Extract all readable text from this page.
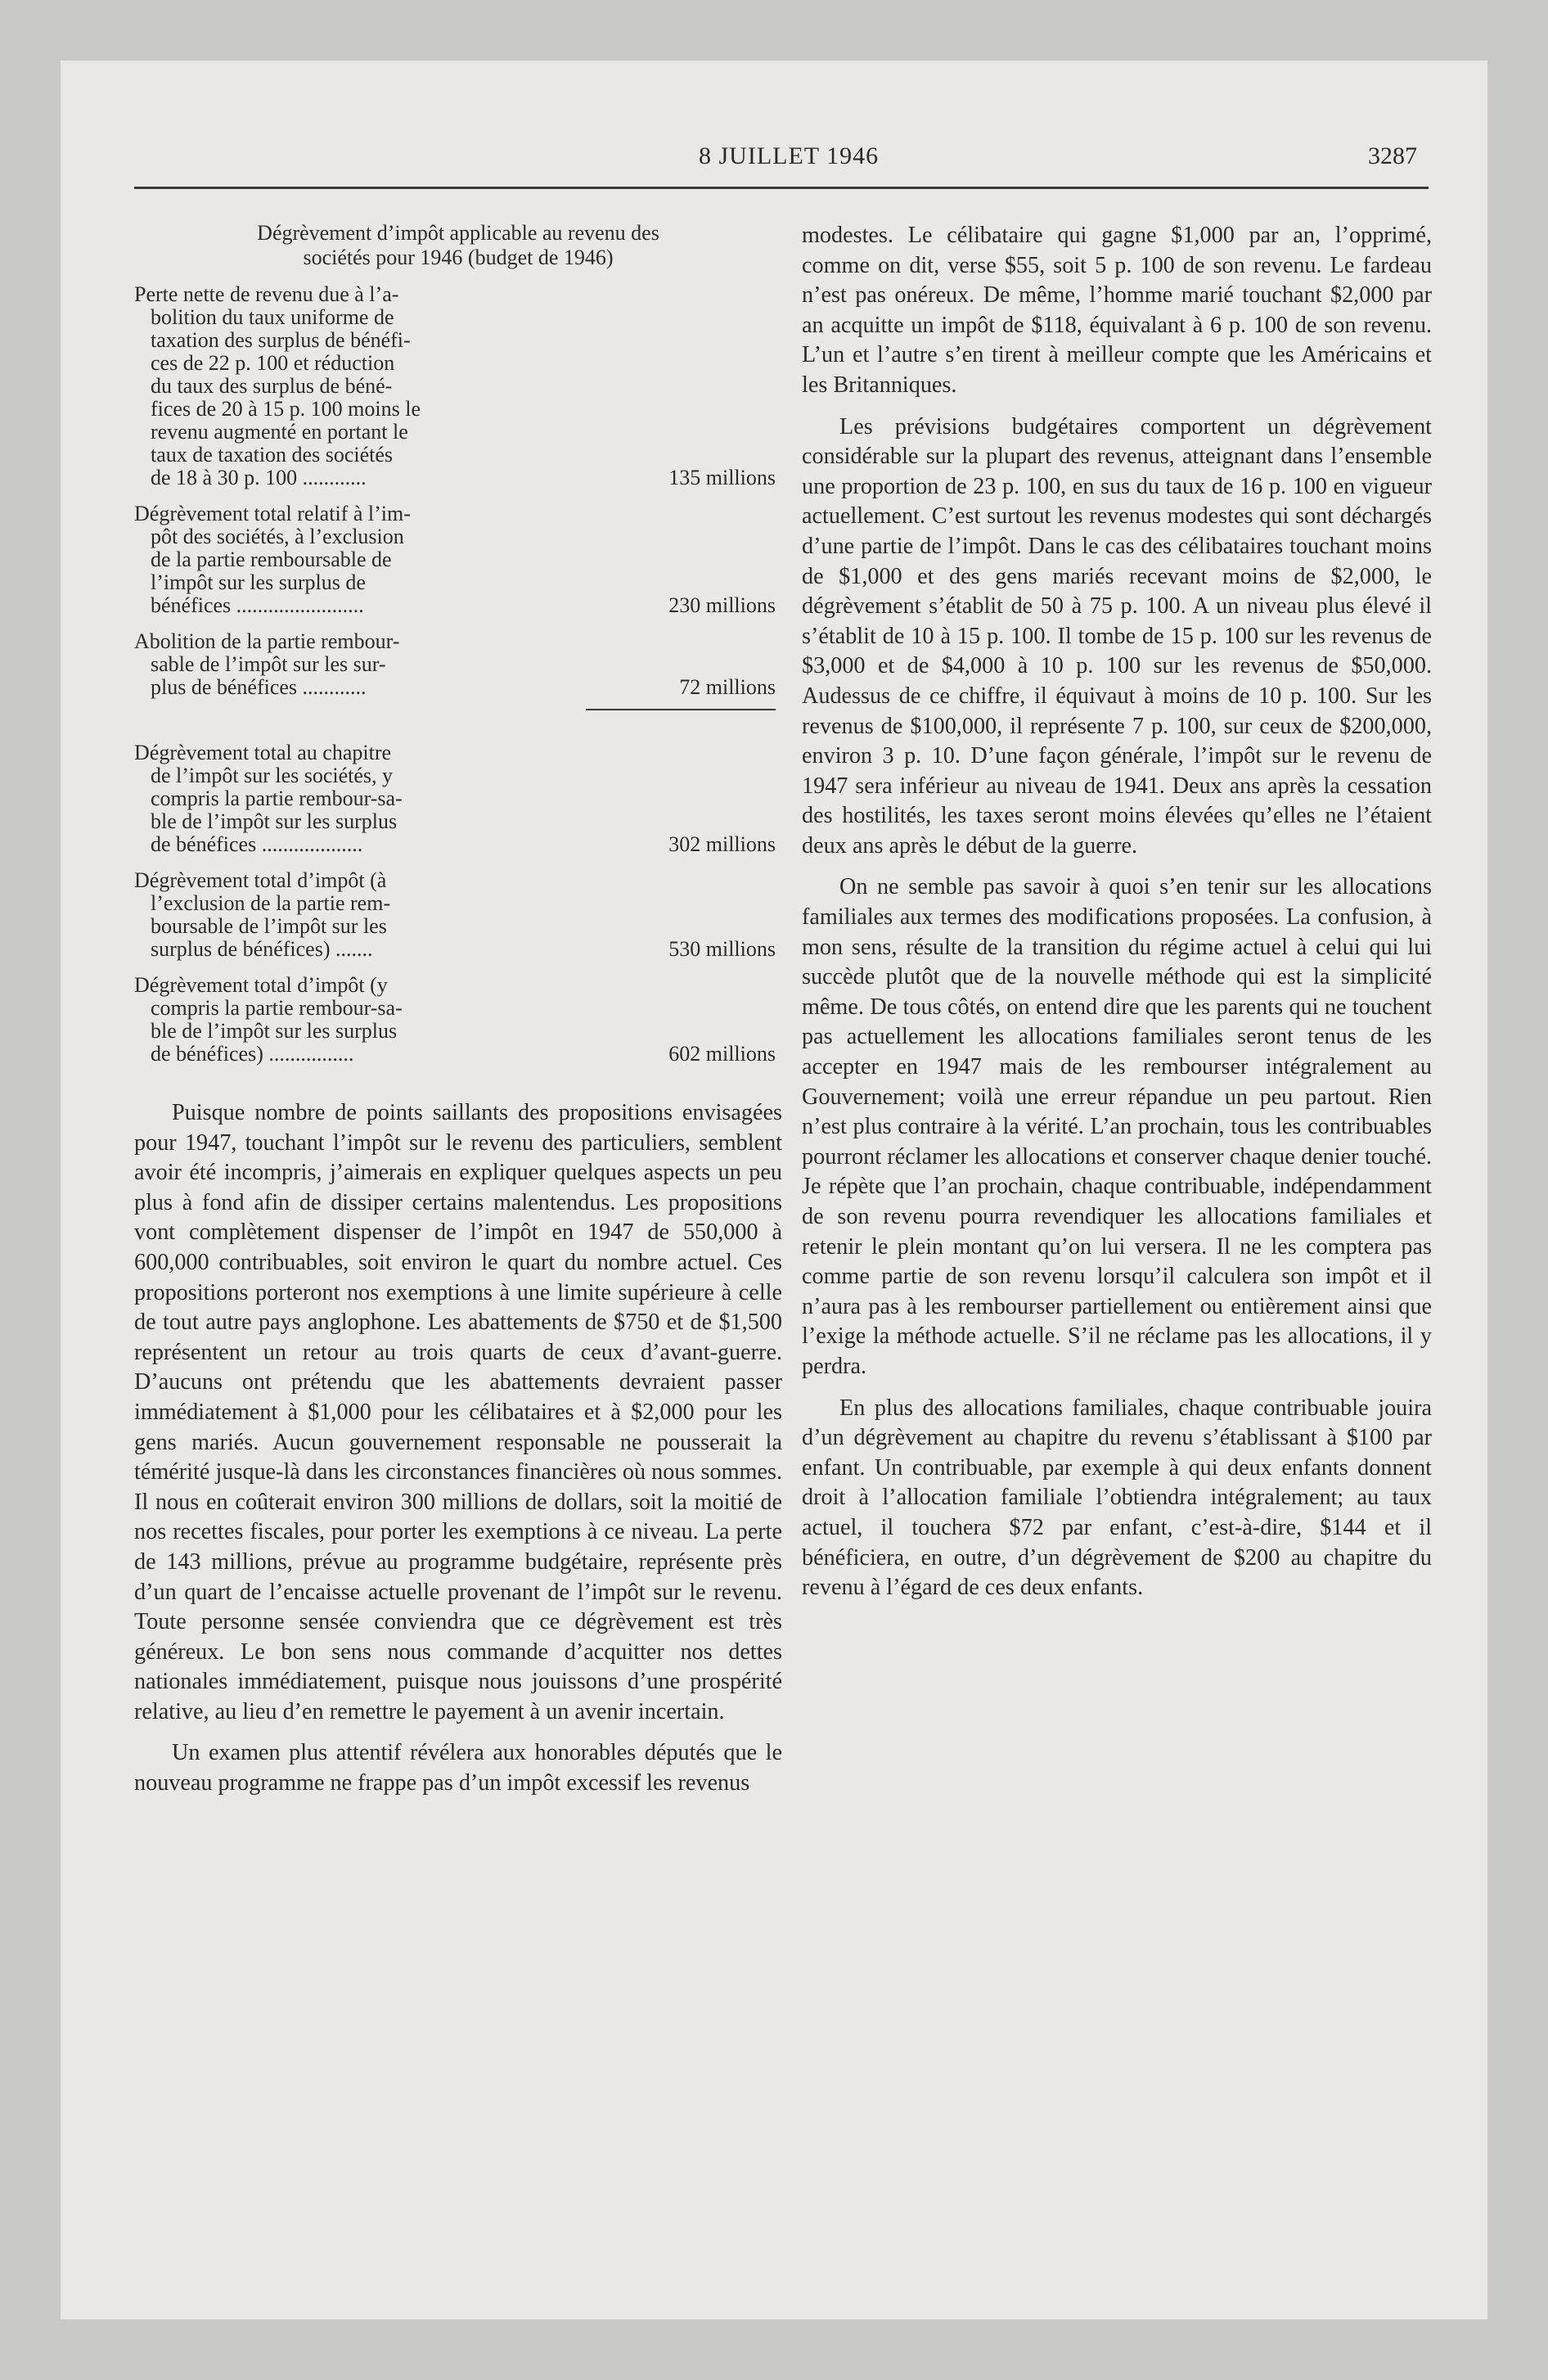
8 JUILLET 1946	3287
Dégrèvement d’impôt applicable au revenu des
sociétés pour 1946 (budget de 1946)
Perte nette de revenu due à l’a-
bolition du taux uniforme de
taxation des surplus de bénéfi-
ces de 22 p. 100 et réduction
du taux des surplus de béné-
fices de 20 à 15 p. 100 moins le
revenu augmenté en portant le
taux de taxation des sociétés
de 18 à 30 p. 100 ............	135 millions
Dégrèvement total relatif à l’im-
pôt des sociétés, à l’exclusion
de la partie remboursable de
l’impôt sur les surplus de
bénéfices ........................	230 millions
Abolition de la partie rembour-
sable de l’impôt sur les sur-
plus de bénéfices ............	72 millions
Dégrèvement total au chapitre
de l’impôt sur les sociétés, y
compris la partie rembour-sa-
ble de l’impôt sur les surplus
de bénéfices ...................	302 millions
Dégrèvement total d’impôt (à
l’exclusion de la partie rem-
boursable de l’impôt sur les
surplus de bénéfices) .......	530 millions
Dégrèvement total d’impôt (y
compris la partie rembour-sa-
ble de l’impôt sur les surplus
de bénéfices) ................	602 millions

Puisque nombre de points saillants des propositions envisagées pour 1947, touchant l’impôt sur le revenu des particuliers, semblent avoir été incompris, j’aimerais en expliquer quelques aspects un peu plus à fond afin de dissiper certains malentendus. Les propositions vont complètement dispenser de l’impôt en 1947 de 550,000 à 600,000 contribuables, soit environ le quart du nombre actuel. Ces propositions porteront nos exemptions à une limite supérieure à celle de tout autre pays anglophone. Les abattements de $750 et de $1,500 représentent un retour au trois quarts de ceux d’avant-guerre. D’aucuns ont prétendu que les abattements devraient passer immédiatement à $1,000 pour les célibataires et à $2,000 pour les gens mariés. Aucun gouvernement responsable ne pousserait la témérité jusque-là dans les circonstances financières où nous sommes. Il nous en coûterait environ 300 millions de dollars, soit la moitié de nos recettes fiscales, pour porter les exemptions à ce niveau. La perte de 143 millions, prévue au programme budgétaire, représente près d’un quart de l’encaisse actuelle provenant de l’impôt sur le revenu. Toute personne sensée conviendra que ce dégrèvement est très généreux. Le bon sens nous commande d’acquitter nos dettes nationales immédiatement, puisque nous jouissons d’une prospérité relative, au lieu d’en remettre le payement à un avenir incertain.

Un examen plus attentif révélera aux honorables députés que le nouveau programme ne frappe pas d’un impôt excessif les revenus

modestes. Le célibataire qui gagne $1,000 par an, l’opprimé, comme on dit, verse $55, soit 5 p. 100 de son revenu. Le fardeau n’est pas onéreux. De même, l’homme marié touchant $2,000 par an acquitte un impôt de $118, équivalant à 6 p. 100 de son revenu. L’un et l’autre s’en tirent à meilleur compte que les Américains et les Britanniques.

Les prévisions budgétaires comportent un dégrèvement considérable sur la plupart des revenus, atteignant dans l’ensemble une proportion de 23 p. 100, en sus du taux de 16 p. 100 en vigueur actuellement. C’est surtout les revenus modestes qui sont déchargés d’une partie de l’impôt. Dans le cas des célibataires touchant moins de $1,000 et des gens mariés recevant moins de $2,000, le dégrèvement s’établit de 50 à 75 p. 100. A un niveau plus élevé il s’établit de 10 à 15 p. 100. Il tombe de 15 p. 100 sur les revenus de $3,000 et de $4,000 à 10 p. 100 sur les revenus de $50,000. Audessus de ce chiffre, il équivaut à moins de 10 p. 100. Sur les revenus de $100,000, il représente 7 p. 100, sur ceux de $200,000, environ 3 p. 10. D’une façon générale, l’impôt sur le revenu de 1947 sera inférieur au niveau de 1941. Deux ans après la cessation des hostilités, les taxes seront moins élevées qu’elles ne l’étaient deux ans après le début de la guerre.

On ne semble pas savoir à quoi s’en tenir sur les allocations familiales aux termes des modifications proposées. La confusion, à mon sens, résulte de la transition du régime actuel à celui qui lui succède plutôt que de la nouvelle méthode qui est la simplicité même. De tous côtés, on entend dire que les parents qui ne touchent pas actuellement les allocations familiales seront tenus de les accepter en 1947 mais de les rembourser intégralement au Gouvernement; voilà une erreur répandue un peu partout. Rien n’est plus contraire à la vérité. L’an prochain, tous les contribuables pourront réclamer les allocations et conserver chaque denier touché. Je répète que l’an prochain, chaque contribuable, indépendamment de son revenu pourra revendiquer les allocations familiales et retenir le plein montant qu’on lui versera. Il ne les comptera pas comme partie de son revenu lorsqu’il calculera son impôt et il n’aura pas à les rembourser partiellement ou entièrement ainsi que l’exige la méthode actuelle. S’il ne réclame pas les allocations, il y perdra.

En plus des allocations familiales, chaque contribuable jouira d’un dégrèvement au chapitre du revenu s’établissant à $100 par enfant. Un contribuable, par exemple à qui deux enfants donnent droit à l’allocation familiale l’obtiendra intégralement; au taux actuel, il touchera $72 par enfant, c’est-à-dire, $144 et il bénéficiera, en outre, d’un dégrèvement de $200 au chapitre du revenu à l’égard de ces deux enfants.
